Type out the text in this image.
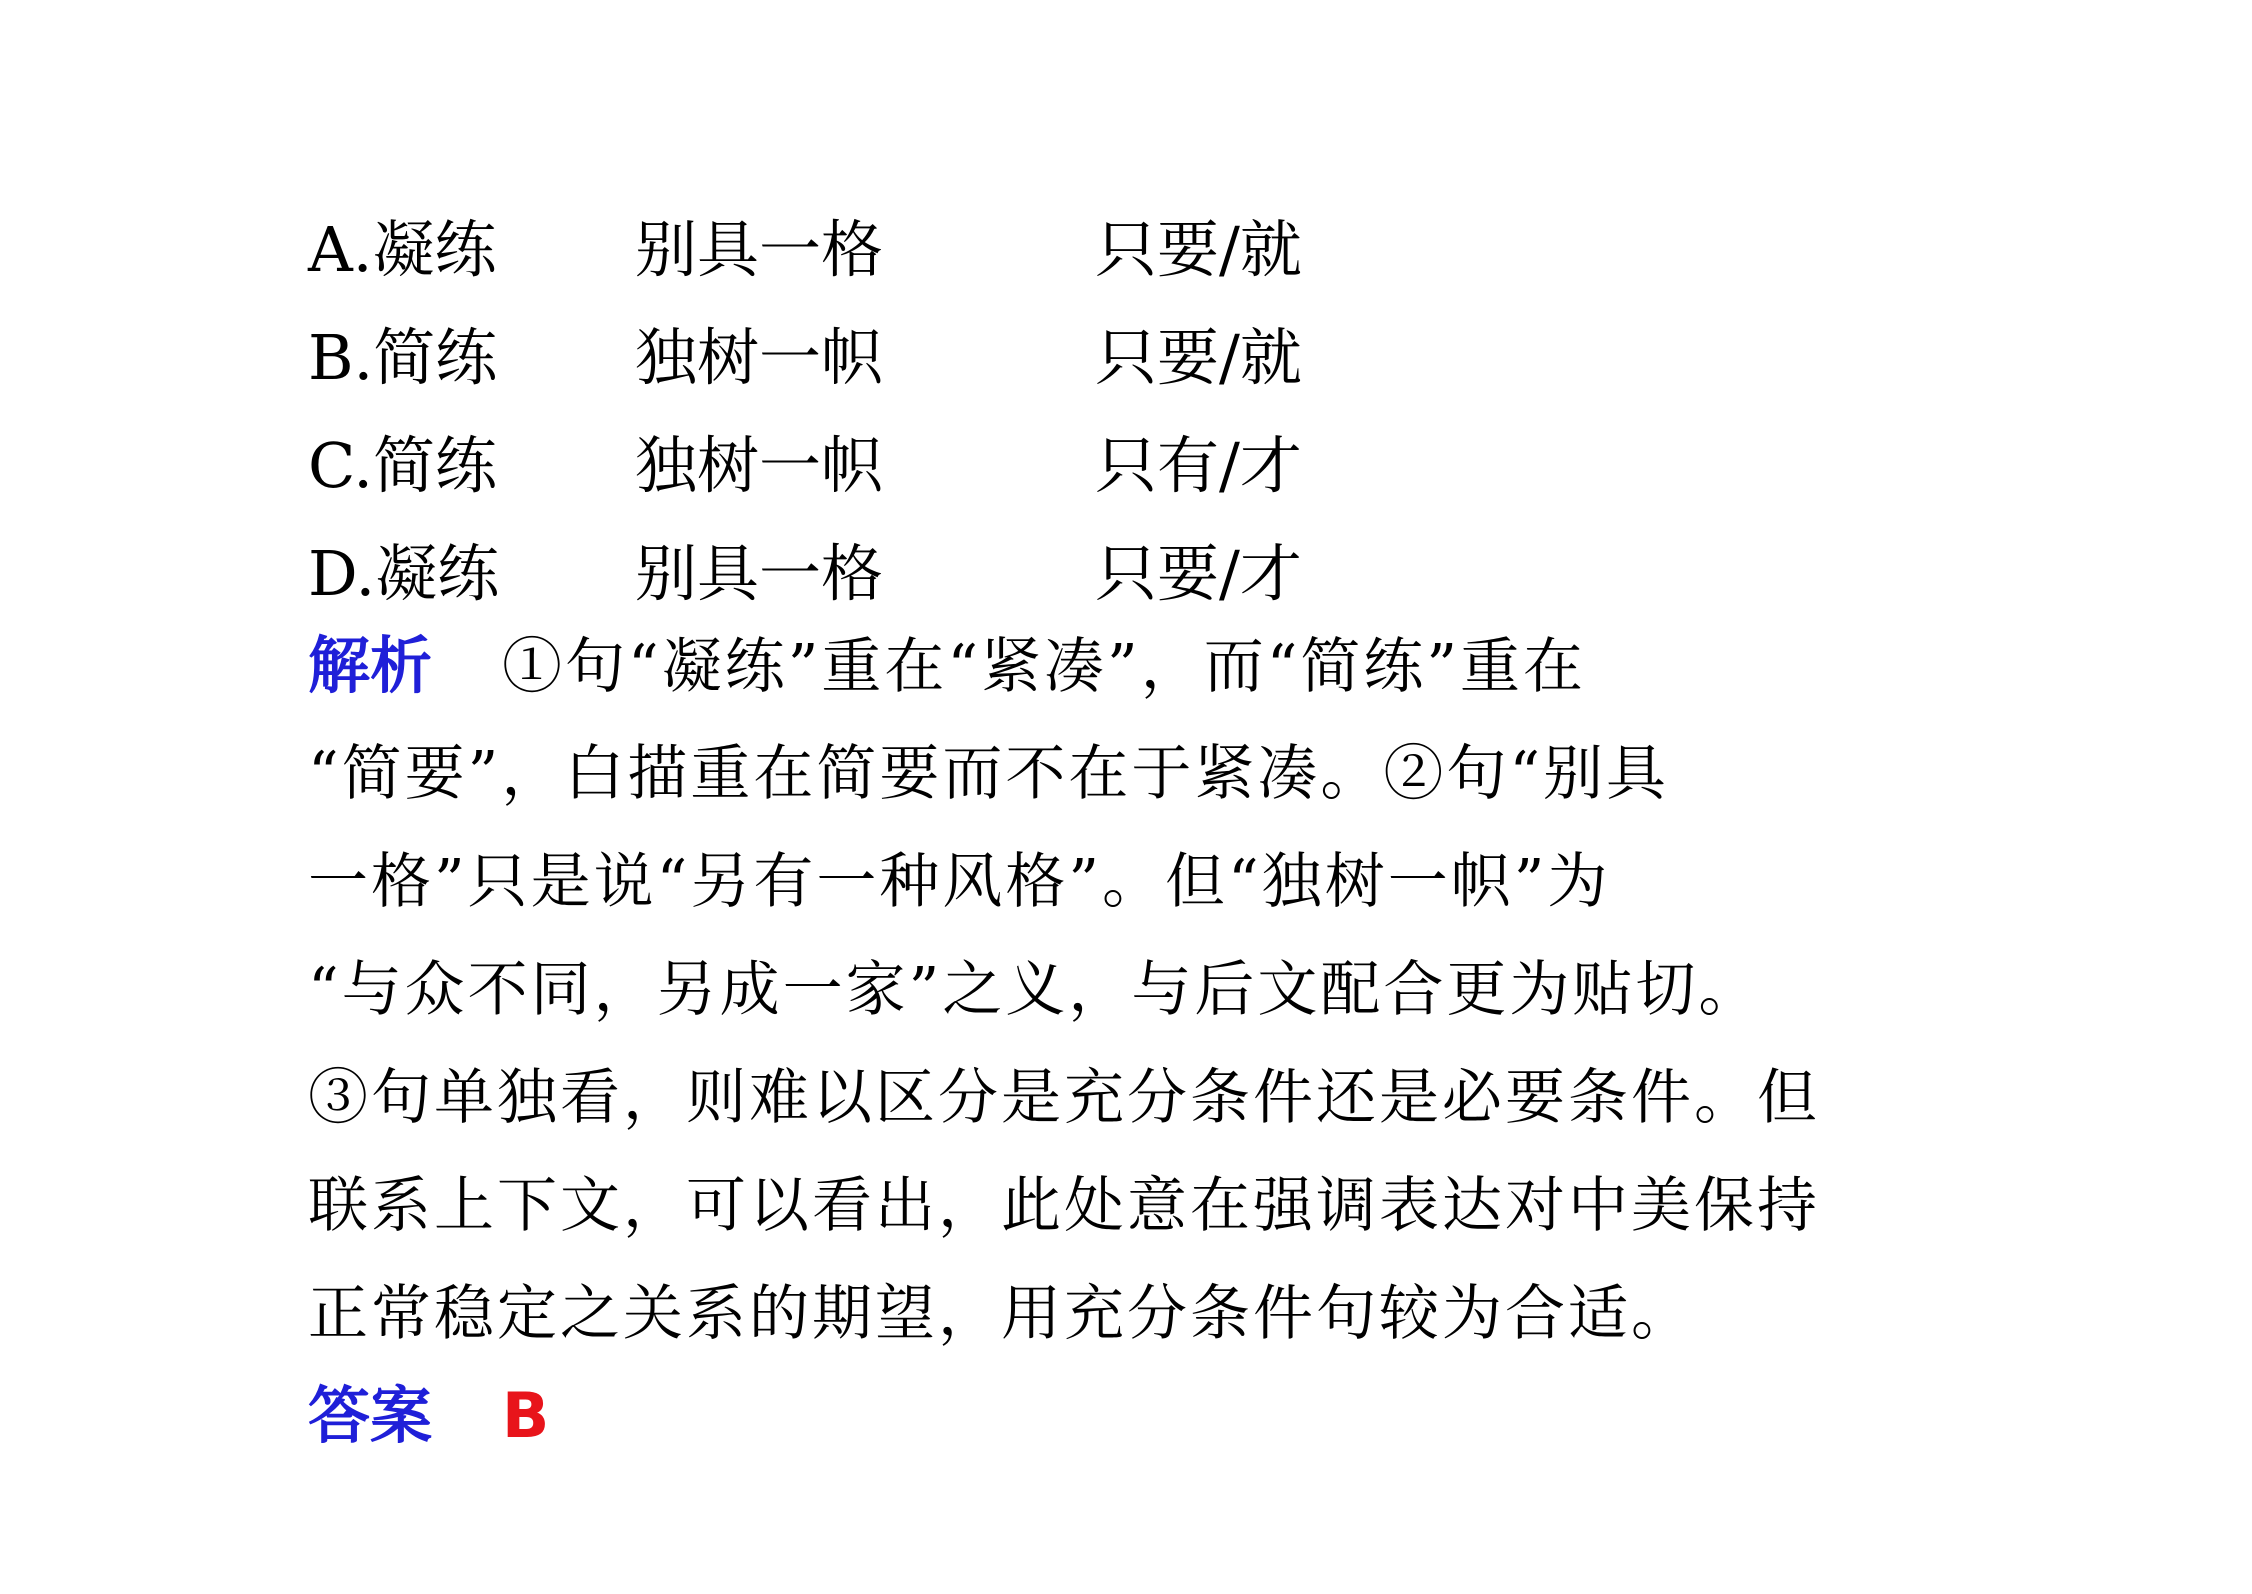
A.凝练	别具一格	只要/就
B.简练	独树一帜	只要/就
C.简练	独树一帜	只有/才
D.凝练	别具一格	只要/才
解析 ①句“凝练”重在“紧凑”，而“简练”重在
“简要”，白描重在简要而不在于紧凑。②句“别具
一格”只是说“另有一种风格”。但“独树一帜”为
“与众不同，另成一家”之义，与后文配合更为贴切。
③句单独看，则难以区分是充分条件还是必要条件。但
联系上下文，可以看出，此处意在强调表达对中美保持
正常稳定之关系的期望，用充分条件句较为合适。
答案 B
